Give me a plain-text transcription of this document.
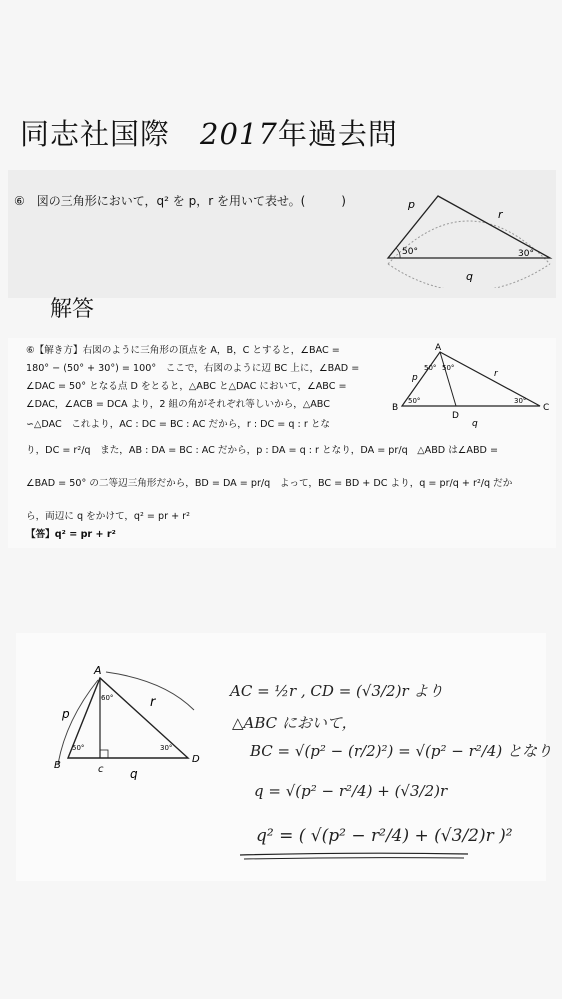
同志社国際　 2017年過去問
⑥　図の三角形において，q² を p，r を用いて表せ。(　　　)	p
r
q
50°	30°
解答
⑥【解き方】右図のように三角形の頂点を A，B，C とすると，∠BAC =
180° − (50° + 30°) = 100°　ここで，右図のように辺 BC 上に，∠BAD =
∠DAC = 50° となる点 D をとると，△ABC と△DAC において，∠ABC =
∠DAC，∠ACB = DCA より，2 組の角がそれぞれ等しいから，△ABC
∽△DAC　これより，AC : DC = BC : AC だから，r : DC = q : r とな
り，DC = r²/q　また，AB : DA = BC : AC だから，p : DA = q : r となり，DA = pr/q　△ABD は∠ABD =
∠BAD = 50° の二等辺三角形だから，BD = DA = pr/q　よって，BC = BD + DC より，q = pr/q + r²/q だか
ら，両辺に q をかけて，q² = pr + r²
【答】q² = pr + r²
A
B	C
D
p	r
q
50° 50°
50°	30°
A
B	c
D
p
r
q
60°
50°	30°
AC = ½r , CD = (√3/2)r より
△ABC において，
BC = √(p² − (r/2)²) = √(p² − r²/4) となり
q = √(p² − r²/4) + (√3/2)r
q² = ( √(p² − r²/4) + (√3/2)r )²
